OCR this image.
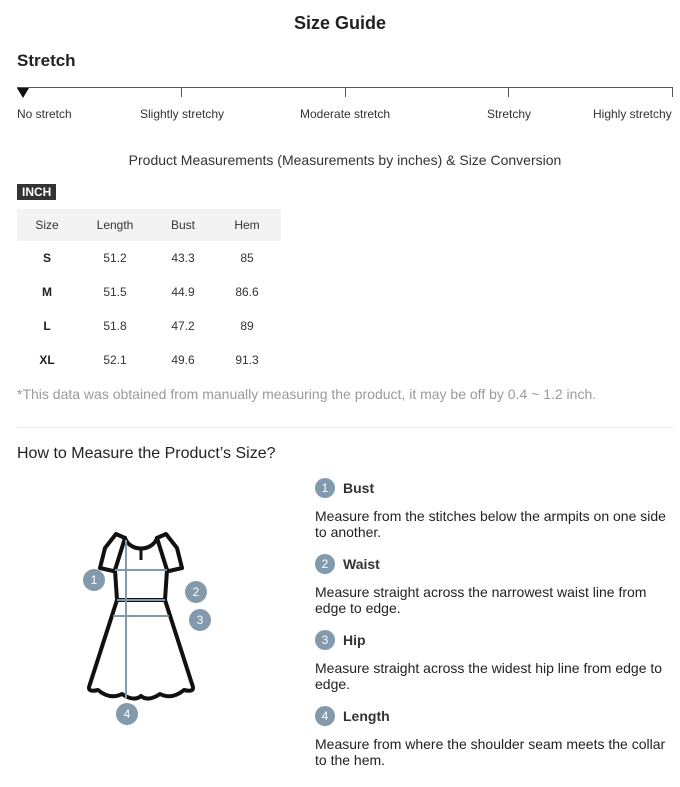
Size Guide
Stretch
No stretch	Slightly stretchy	Moderate stretch	Stretchy	Highly stretchy
Product Measurements (Measurements by inches) & Size Conversion
INCH
Size	Length	Bust	Hem
S	51.2	43.3	85
M	51.5	44.9	86.6
L	51.8	47.2	89
XL	52.1	49.6	91.3
*This data was obtained from manually measuring the product, it may be off by 0.4 ~ 1.2 inch.
How to Measure the Product’s Size?
1
2
3
4
1	Bust
Measure from the stitches below the armpits on one side to another.
2	Waist
Measure straight across the narrowest waist line from edge to edge.
3	Hip
Measure straight across the widest hip line from edge to edge.
4	Length
Measure from where the shoulder seam meets the collar to the hem.
